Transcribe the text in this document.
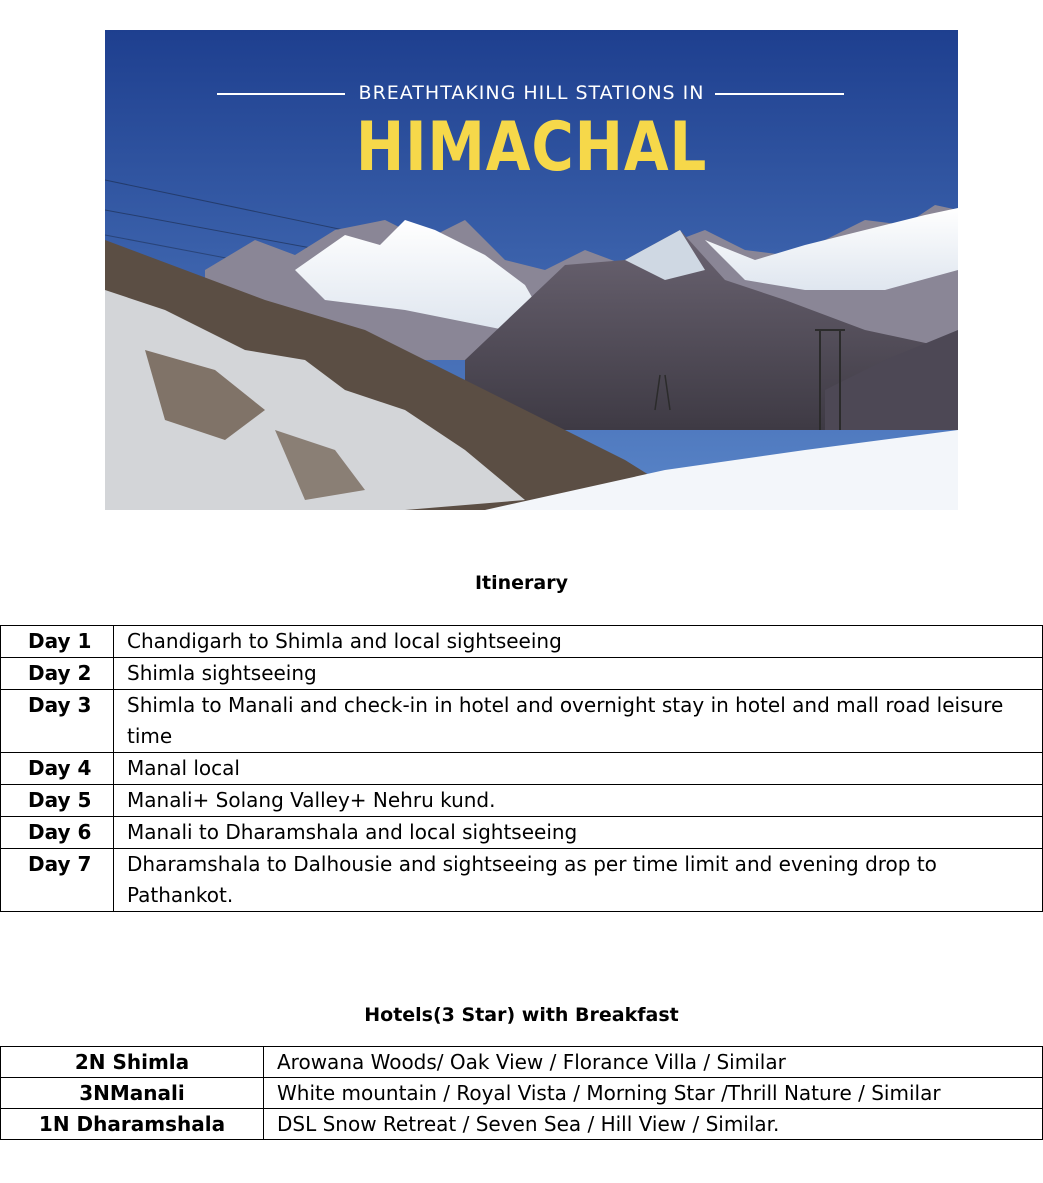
BREATHTAKING HILL STATIONS IN
HIMACHAL
Itinerary
Day 1	Chandigarh to Shimla and local sightseeing
Day 2	Shimla sightseeing
Day 3	Shimla to Manali and check-in in hotel and overnight stay in hotel and mall road leisure time
Day 4	Manal local
Day 5	Manali+ Solang Valley+ Nehru kund.
Day 6	Manali to Dharamshala and local sightseeing
Day 7	Dharamshala to Dalhousie and sightseeing as per time limit and evening drop to Pathankot.
Hotels(3 Star) with Breakfast
2N Shimla	Arowana Woods/ Oak View / Florance Villa / Similar
3NManali	White mountain / Royal Vista / Morning Star /Thrill Nature / Similar
1N Dharamshala	DSL Snow Retreat / Seven Sea / Hill View / Similar.
